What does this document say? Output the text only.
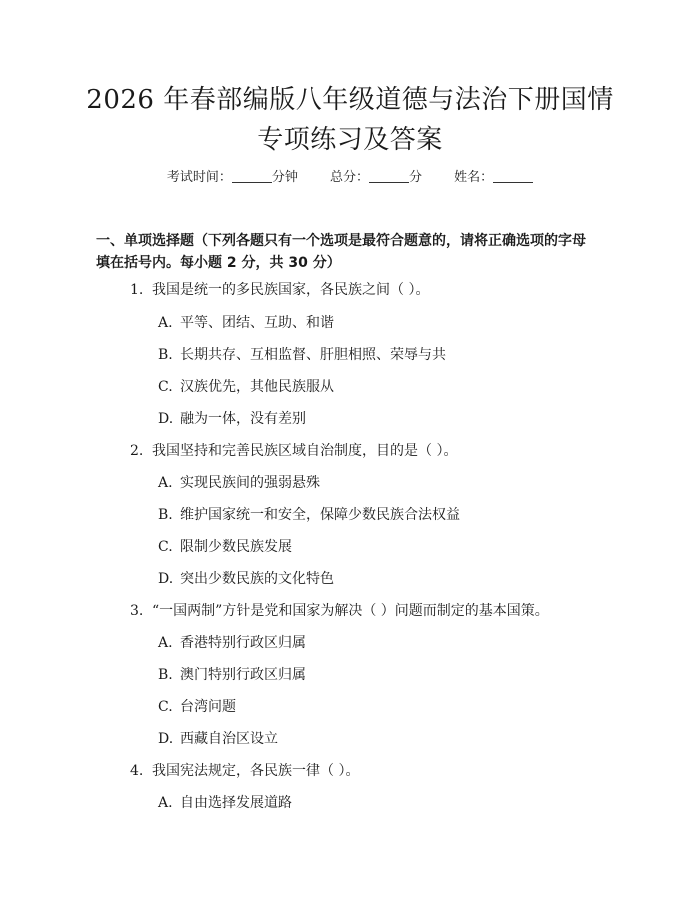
2026 年春部编版八年级道德与法治下册国情
专项练习及答案
考试时间：	分钟 总分：	分 姓名：
一、单项选择题（下列各题只有一个选项是最符合题意的，请将正确选项的字母
填在括号内。每小题 2 分，共 30 分）
1. 我国是统一的多民族国家，各民族之间（ ）。
A. 平等、团结、互助、和谐
B. 长期共存、互相监督、肝胆相照、荣辱与共
C. 汉族优先，其他民族服从
D. 融为一体，没有差别
2. 我国坚持和完善民族区域自治制度，目的是（ ）。
A. 实现民族间的强弱悬殊
B. 维护国家统一和安全，保障少数民族合法权益
C. 限制少数民族发展
D. 突出少数民族的文化特色
3. “一国两制”方针是党和国家为解决（ ）问题而制定的基本国策。
A. 香港特别行政区归属
B. 澳门特别行政区归属
C. 台湾问题
D. 西藏自治区设立
4. 我国宪法规定，各民族一律（ ）。
A. 自由选择发展道路
